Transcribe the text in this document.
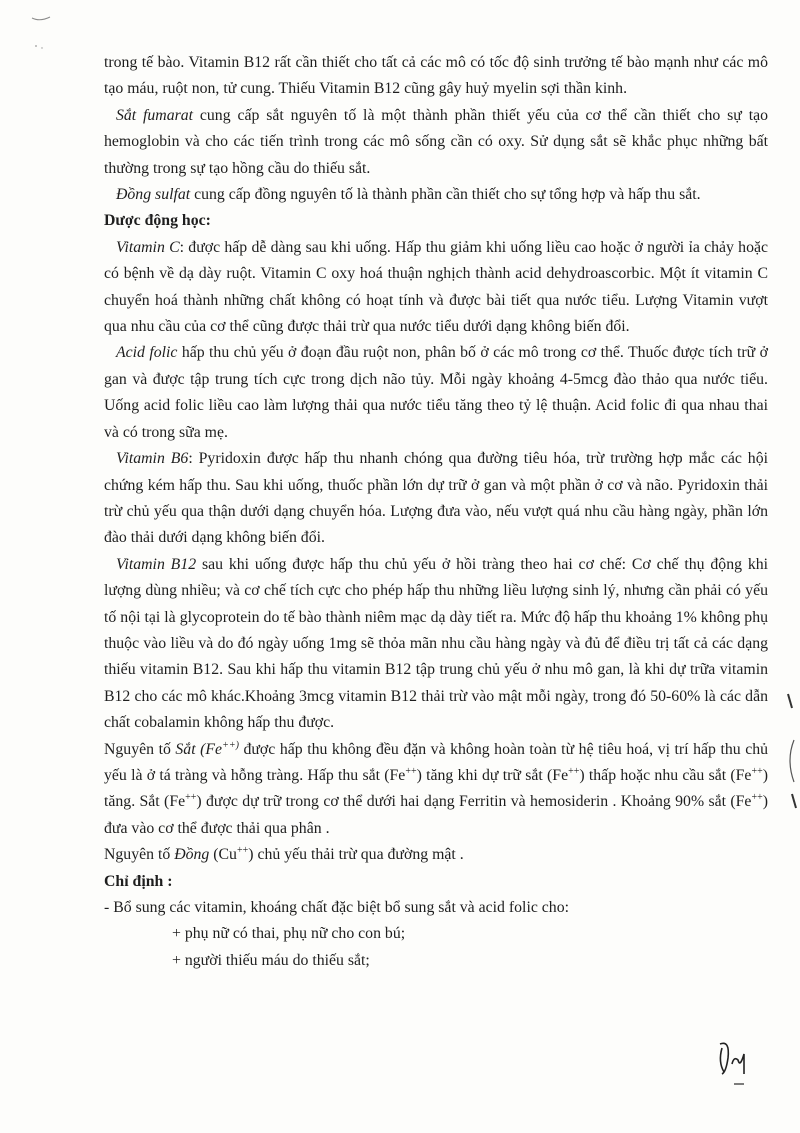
trong tế bào. Vitamin B12 rất cần thiết cho tất cả các mô có tốc độ sinh trưởng tế bào mạnh như các mô tạo máu, ruột non, tử cung. Thiếu Vitamin B12 cũng gây huỷ myelin sợi thần kinh.

Sắt fumarat cung cấp sắt nguyên tố là một thành phần thiết yếu của cơ thể cần thiết cho sự tạo hemoglobin và cho các tiến trình trong các mô sống cần có oxy. Sử dụng sắt sẽ khắc phục những bất thường trong sự tạo hồng cầu do thiếu sắt.

Đồng sulfat cung cấp đồng nguyên tố là thành phần cần thiết cho sự tổng hợp và hấp thu sắt.

Dược động học:

Vitamin C: được hấp dễ dàng sau khi uống. Hấp thu giảm khi uống liều cao hoặc ở người ỉa chảy hoặc có bệnh về dạ dày ruột. Vitamin C oxy hoá thuận nghịch thành acid dehydroascorbic. Một ít vitamin C chuyển hoá thành những chất không có hoạt tính và được bài tiết qua nước tiểu. Lượng Vitamin vượt qua nhu cầu của cơ thể cũng được thải trừ qua nước tiểu dưới dạng không biến đổi.

Acid folic hấp thu chủ yếu ở đoạn đầu ruột non, phân bố ở các mô trong cơ thể. Thuốc được tích trữ ở gan và được tập trung tích cực trong dịch não tủy. Mỗi ngày khoảng 4-5mcg đào thảo qua nước tiểu. Uống acid folic liều cao làm lượng thải qua nước tiểu tăng theo tỷ lệ thuận. Acid folic đi qua nhau thai và có trong sữa mẹ.

Vitamin B6: Pyridoxin được hấp thu nhanh chóng qua đường tiêu hóa, trừ trường hợp mắc các hội chứng kém hấp thu. Sau khi uống, thuốc phần lớn dự trữ ở gan và một phần ở cơ và não. Pyridoxin thải trừ chủ yếu qua thận dưới dạng chuyển hóa. Lượng đưa vào, nếu vượt quá nhu cầu hàng ngày, phần lớn đào thải dưới dạng không biến đổi.

Vitamin B12 sau khi uống được hấp thu chủ yếu ở hồi tràng theo hai cơ chế: Cơ chế thụ động khi lượng dùng nhiều; và cơ chế tích cực cho phép hấp thu những liều lượng sinh lý, nhưng cần phải có yếu tố nội tại là glycoprotein do tế bào thành niêm mạc dạ dày tiết ra. Mức độ hấp thu khoảng 1% không phụ thuộc vào liều và do đó ngày uống 1mg sẽ thỏa mãn nhu cầu hàng ngày và đủ để điều trị tất cả các dạng thiếu vitamin B12. Sau khi hấp thu vitamin B12 tập trung chủ yếu ở nhu mô gan, là khi dự trữa vitamin B12 cho các mô khác.Khoảng 3mcg vitamin B12 thải trừ vào mật mỗi ngày, trong đó 50-60% là các dẫn chất cobalamin không hấp thu được.

Nguyên tố Sắt (Fe++) được hấp thu không đều đặn và không hoàn toàn từ hệ tiêu hoá, vị trí hấp thu chủ yếu là ở tá tràng và hỗng tràng. Hấp thu sắt (Fe++) tăng khi dự trữ sắt (Fe++) thấp hoặc nhu cầu sắt (Fe++) tăng. Sắt (Fe++) được dự trữ trong cơ thể dưới hai dạng Ferritin và hemosiderin . Khoảng 90% sắt (Fe++) đưa vào cơ thể được thải qua phân .

Nguyên tố Đồng (Cu++) chủ yếu thải trừ qua đường mật .

Chỉ định :

- Bổ sung các vitamin, khoáng chất đặc biệt bổ sung sắt và acid folic cho:

+ phụ nữ có thai, phụ nữ cho con bú;

+ người thiếu máu do thiếu sắt;
